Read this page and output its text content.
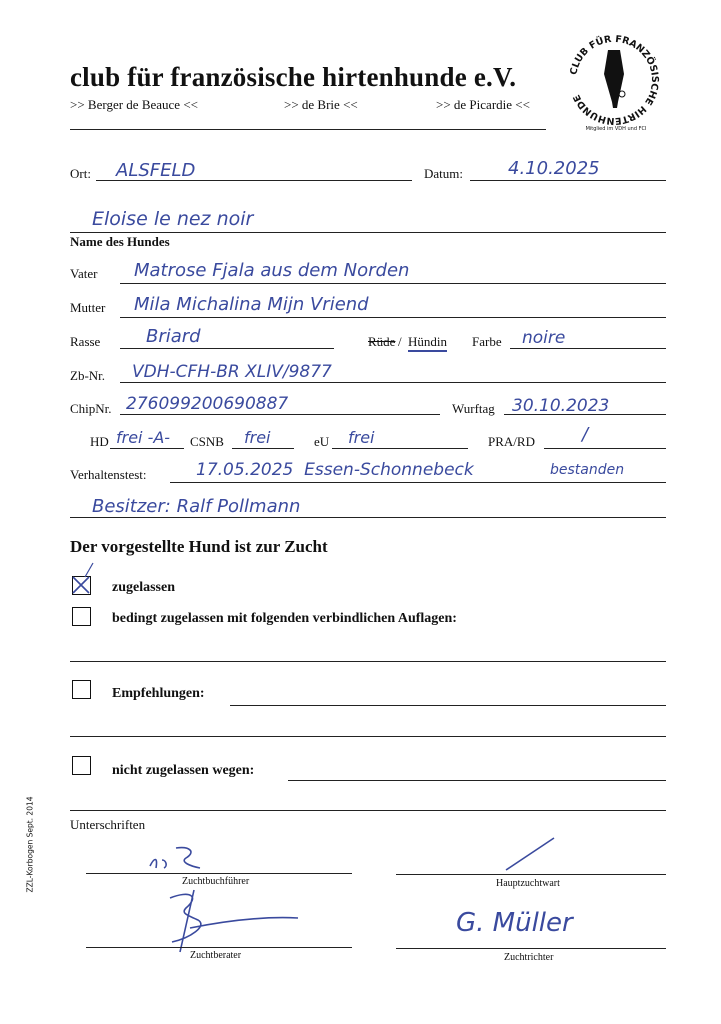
club für französische hirtenhunde e.V.
>> Berger de Beauce <<	>> de Brie <<	>> de Picardie <<
CLUB FÜR FRANZÖSISCHE HIRTENHUNDE
Mitglied im VDH und FCI
Ort: ALSFELD	Datum:	4.10.2025
Eloise le nez noir
Name des Hundes
Vater Matrose Fjala aus dem Norden
Mutter Mila Michalina Mijn Vriend
Rasse	Briard	Rüde / Hündin Farbe noire
Zb-Nr. VDH-CFH-BR XLIV/9877
ChipNr. 276099200690887	Wurftag 30.10.2023
HD frei -A- CSNB frei	eU frei	PRA/RD	/
Verhaltenstest:	17.05.2025  Essen-Schonnebeck	bestanden
Besitzer: Ralf Pollmann
Der vorgestellte Hund ist zur Zucht
zugelassen
bedingt zugelassen mit folgenden verbindlichen Auflagen:
Empfehlungen:
nicht zugelassen wegen:
Unterschriften
Zuchtbuchführer	Hauptzuchtwart
Zuchtberater
G. Müller
Zuchtrichter
ZZL-Korbogen Sept. 2014
